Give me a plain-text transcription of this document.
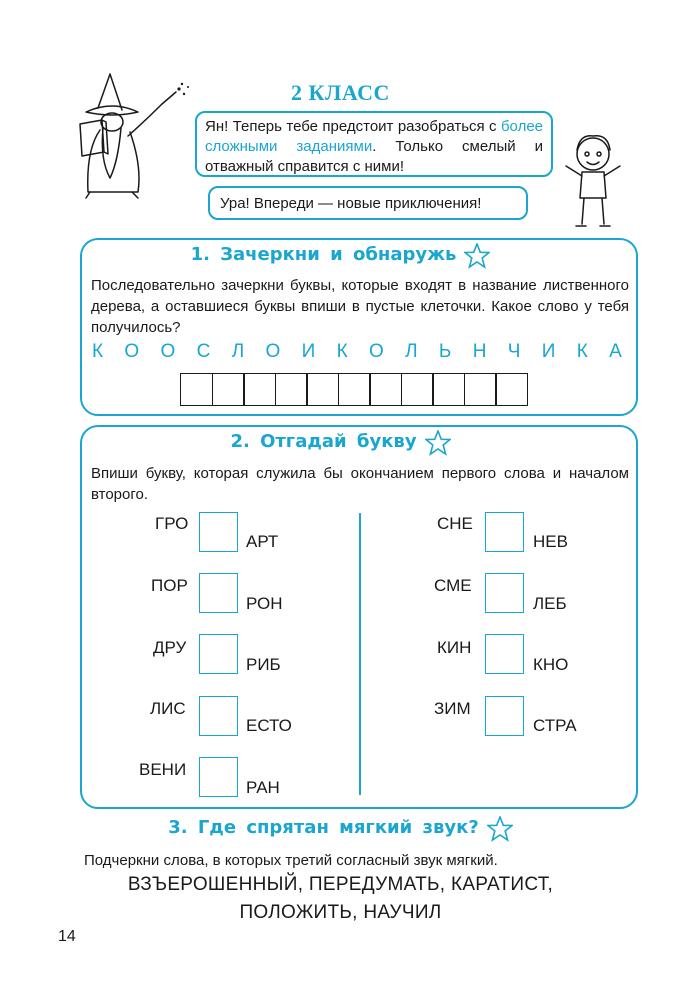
2 КЛАСС
Ян! Теперь тебе предстоит разобраться с более сложными заданиями. Только смелый и отважный справится с ними!
Ура! Впереди — новые приключения!
1. Зачеркни и обнаружь
Последовательно зачеркни буквы, которые входят в название лиственного дерева, а оставшиеся буквы впиши в пустые клеточки. Какое слово у тебя получилось?
К О О С Л О И К О Л Ь Н Ч И К А
2. Отгадай букву
Впиши букву, которая служила бы окончанием первого слова и началом второго.
ГРО
АРТ
ПОР
РОН
ДРУ
РИБ
ЛИС
ЕСТО
ВЕНИ
РАН
СНЕ
НЕВ
СМЕ
ЛЕБ
КИН
КНО
ЗИМ
СТРА
3. Где спрятан мягкий звук?
Подчеркни слова, в которых третий согласный звук мягкий.
ВЗЪЕРОШЕННЫЙ, ПЕРЕДУМАТЬ, КАРАТИСТ,
ПОЛОЖИТЬ, НАУЧИЛ
14
